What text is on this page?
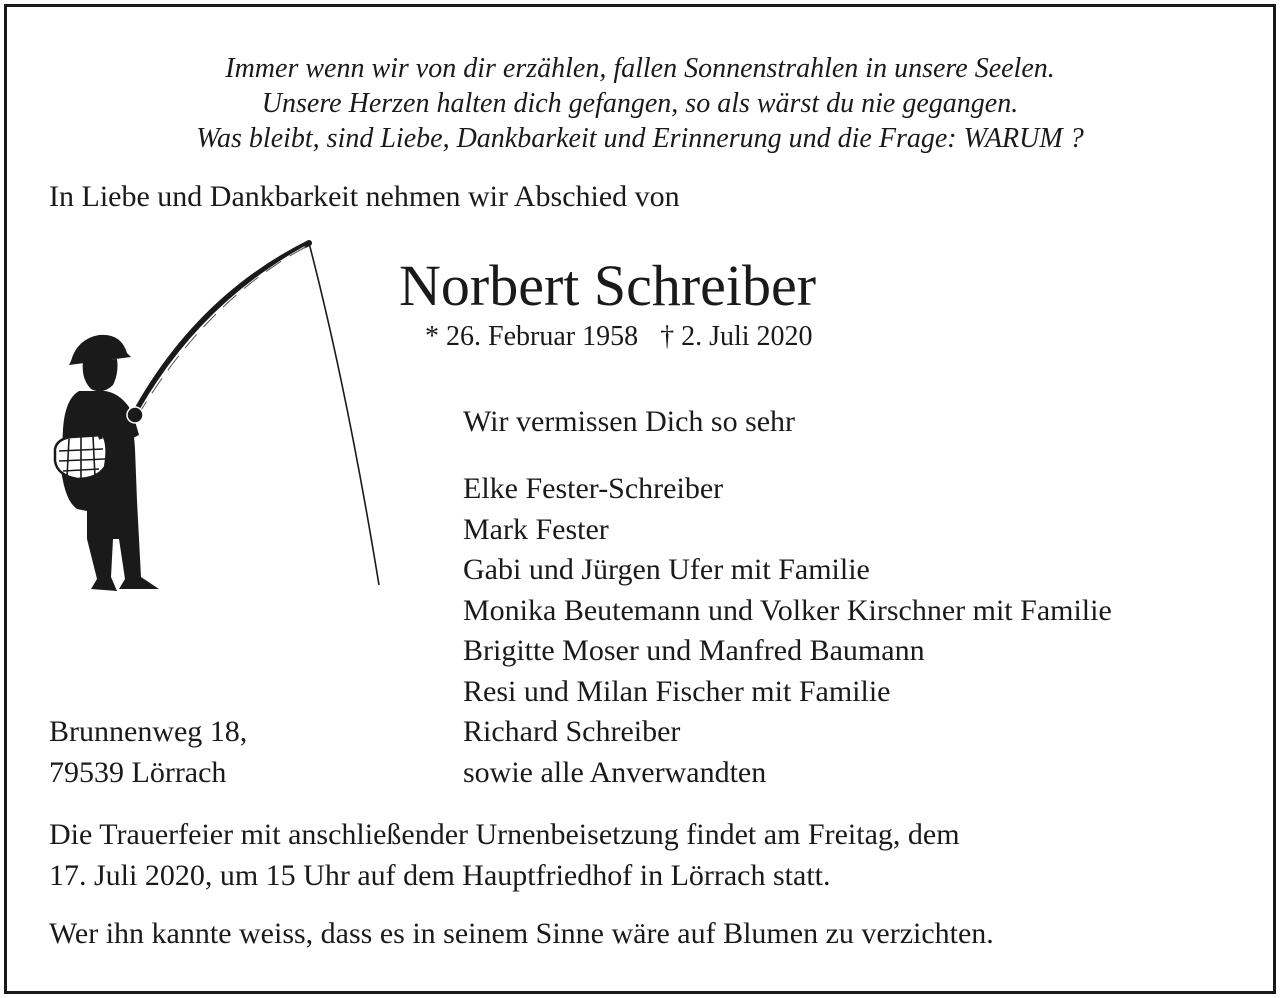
Immer wenn wir von dir erzählen, fallen Sonnenstrahlen in unsere Seelen.
Unsere Herzen halten dich gefangen, so als wärst du nie gegangen.
Was bleibt, sind Liebe, Dankbarkeit und Erinnerung und die Frage: WARUM ?
In Liebe und Dankbarkeit nehmen wir Abschied von
Norbert Schreiber
* 26. Februar 1958 † 2. Juli 2020
Wir vermissen Dich so sehr
Elke Fester-Schreiber
Mark Fester
Gabi und Jürgen Ufer mit Familie
Monika Beutemann und Volker Kirschner mit Familie
Brigitte Moser und Manfred Baumann
Resi und Milan Fischer mit Familie
Richard Schreiber
sowie alle Anverwandten
Brunnenweg 18,
79539 Lörrach
Die Trauerfeier mit anschließender Urnenbeisetzung findet am Freitag, dem
17. Juli 2020, um 15 Uhr auf dem Hauptfriedhof in Lörrach statt.
Wer ihn kannte weiss, dass es in seinem Sinne wäre auf Blumen zu verzichten.
